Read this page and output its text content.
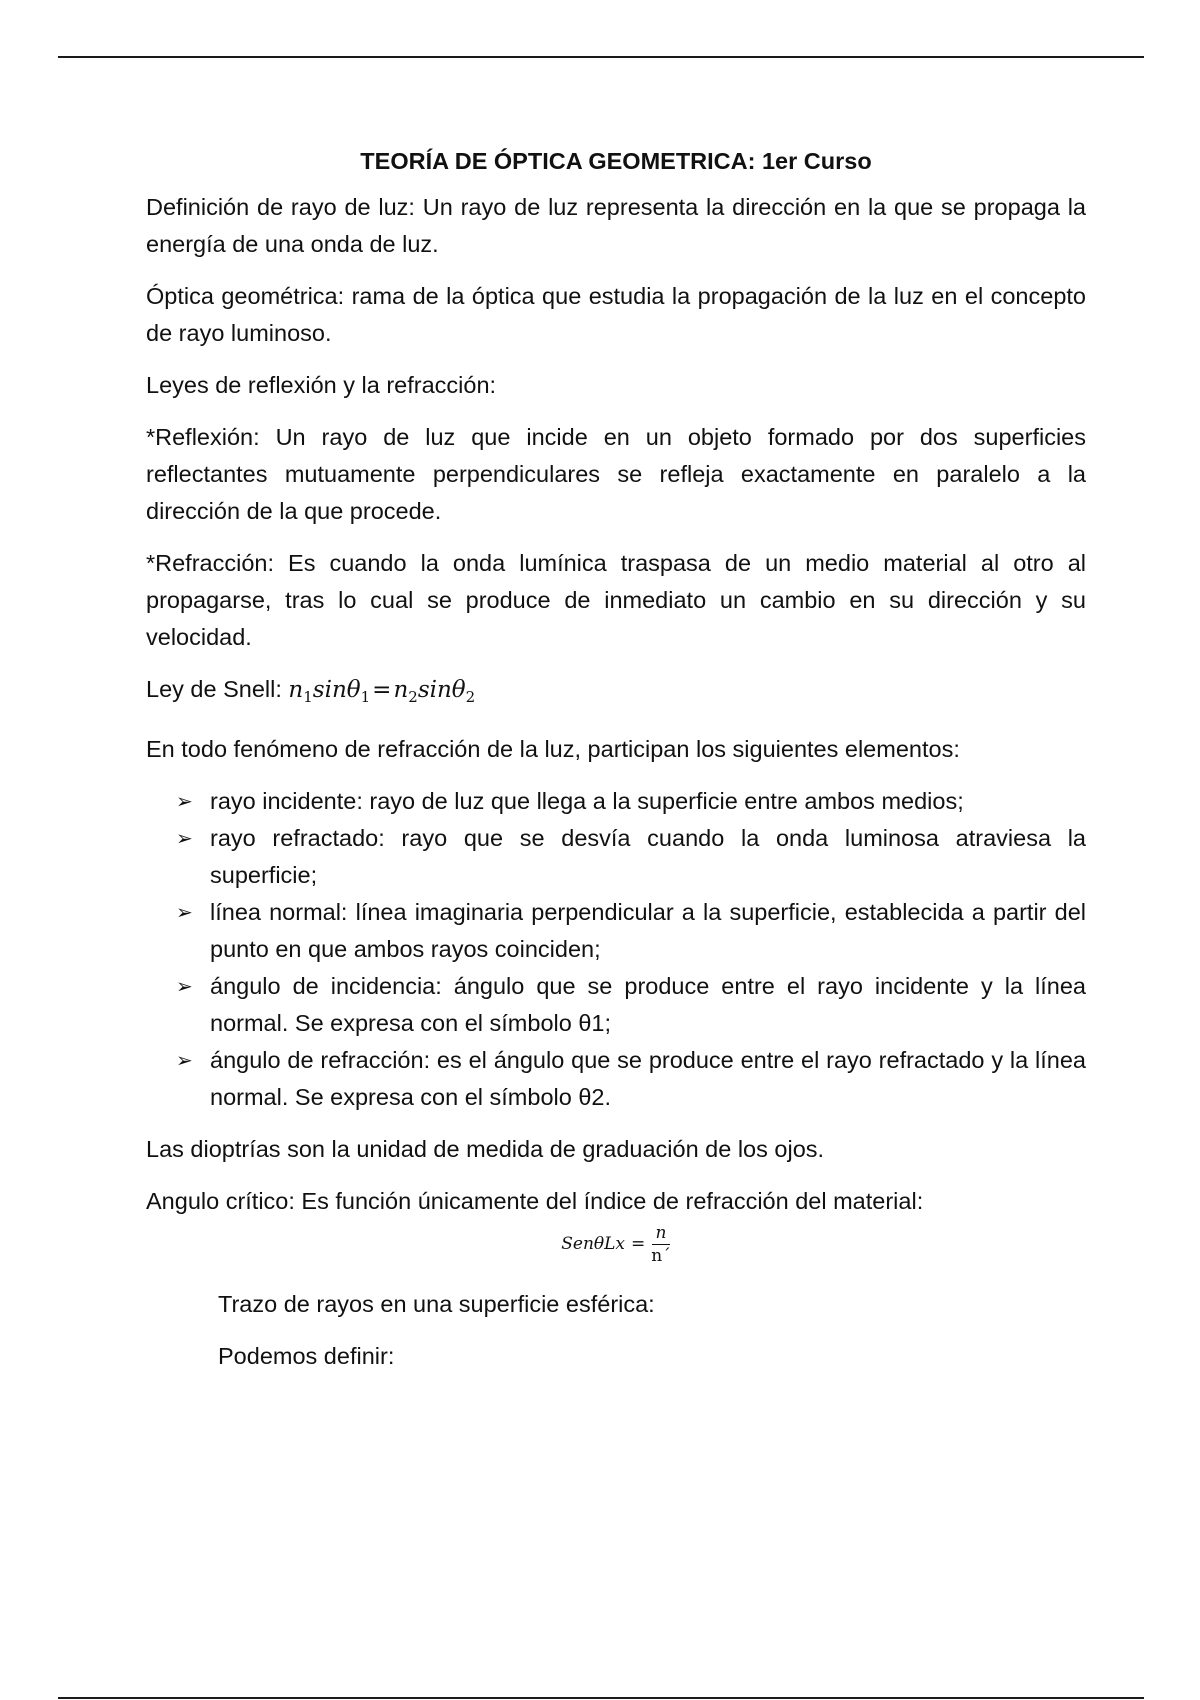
TEORÍA DE ÓPTICA GEOMETRICA: 1er Curso

Definición de rayo de luz: Un rayo de luz representa la dirección en la que se propaga la energía de una onda de luz.

Óptica geométrica: rama de la óptica que estudia la propagación de la luz en el concepto de rayo luminoso.

Leyes de reflexión y la refracción:

*Reflexión: Un rayo de luz que incide en un objeto formado por dos superficies reflectantes mutuamente perpendiculares se refleja exactamente en paralelo a la dirección de la que procede.

*Refracción: Es cuando la onda lumínica traspasa de un medio material al otro al propagarse, tras lo cual se produce de inmediato un cambio en su dirección y su velocidad.

Ley de Snell: $n_1\sin\theta_1=n_2\sin\theta_2$

En todo fenómeno de refracción de la luz, participan los siguientes elementos:

➢ rayo incidente: rayo de luz que llega a la superficie entre ambos medios;
➢ rayo refractado: rayo que se desvía cuando la onda luminosa atraviesa la superficie;
➢ línea normal: línea imaginaria perpendicular a la superficie, establecida a partir del punto en que ambos rayos coinciden;
➢ ángulo de incidencia: ángulo que se produce entre el rayo incidente y la línea normal. Se expresa con el símbolo θ1;
➢ ángulo de refracción: es el ángulo que se produce entre el rayo refractado y la línea normal. Se expresa con el símbolo θ2.

Las dioptrías son la unidad de medida de graduación de los ojos.

Angulo crítico: Es función únicamente del índice de refracción del material:

$Sen\theta Lx = \frac{n}{n´}$

Trazo de rayos en una superficie esférica:

Podemos definir:
